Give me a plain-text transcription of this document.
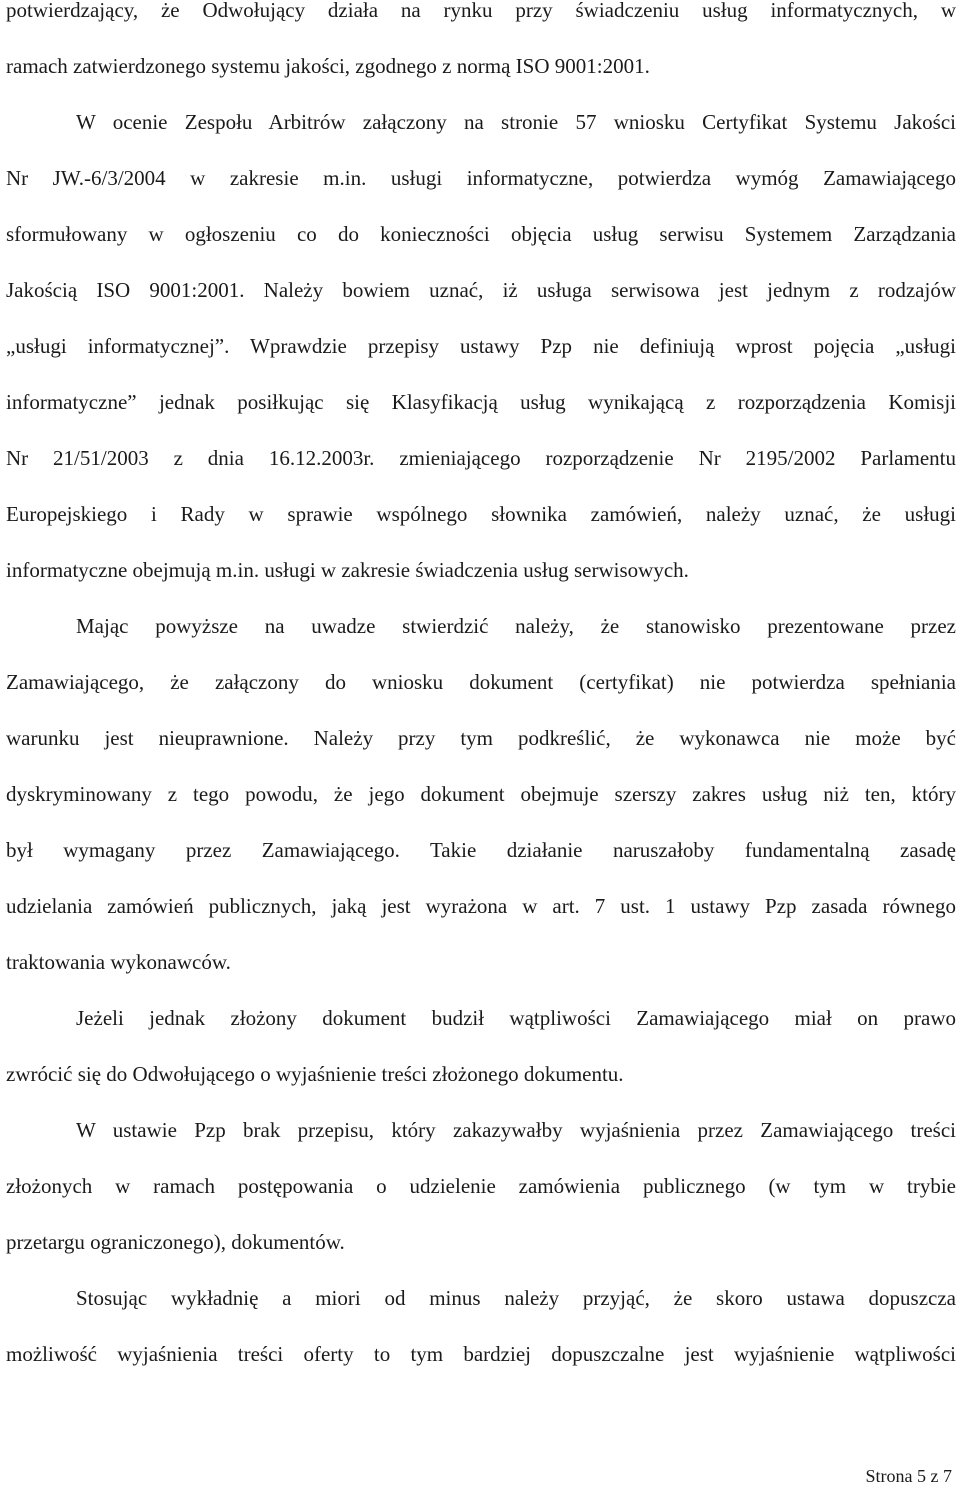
potwierdzający, że Odwołujący działa na rynku przy świadczeniu usług informatycznych, w
ramach zatwierdzonego systemu jakości, zgodnego z normą ISO 9001:2001.
W ocenie Zespołu Arbitrów załączony na stronie 57 wniosku Certyfikat Systemu Jakości
Nr JW.-6/3/2004 w zakresie m.in. usługi informatyczne, potwierdza wymóg Zamawiającego
sformułowany w ogłoszeniu co do konieczności objęcia usług serwisu Systemem Zarządzania
Jakością ISO 9001:2001. Należy bowiem uznać, iż usługa serwisowa jest jednym z rodzajów
„usługi informatycznej”. Wprawdzie przepisy ustawy Pzp nie definiują wprost pojęcia „usługi
informatyczne” jednak posiłkując się Klasyfikacją usług wynikającą z rozporządzenia Komisji
Nr 21/51/2003 z dnia 16.12.2003r. zmieniającego rozporządzenie Nr 2195/2002 Parlamentu
Europejskiego i Rady w sprawie wspólnego słownika zamówień, należy uznać, że usługi
informatyczne obejmują m.in. usługi w zakresie świadczenia usług serwisowych.
Mając powyższe na uwadze stwierdzić należy, że stanowisko prezentowane przez
Zamawiającego, że załączony do wniosku dokument (certyfikat) nie potwierdza spełniania
warunku jest nieuprawnione. Należy przy tym podkreślić, że wykonawca nie może być
dyskryminowany z tego powodu, że jego dokument obejmuje szerszy zakres usług niż ten, który
był wymagany przez Zamawiającego. Takie działanie naruszałoby fundamentalną zasadę
udzielania zamówień publicznych, jaką jest wyrażona w art. 7 ust. 1 ustawy Pzp zasada równego
traktowania wykonawców.
Jeżeli jednak złożony dokument budził wątpliwości Zamawiającego miał on prawo
zwrócić się do Odwołującego o wyjaśnienie treści złożonego dokumentu.
W ustawie Pzp brak przepisu, który zakazywałby wyjaśnienia przez Zamawiającego treści
złożonych w ramach postępowania o udzielenie zamówienia publicznego (w tym w trybie
przetargu ograniczonego), dokumentów.
Stosując wykładnię a miori od minus należy przyjąć, że skoro ustawa dopuszcza
możliwość wyjaśnienia treści oferty to tym bardziej dopuszczalne jest wyjaśnienie wątpliwości
Strona 5 z 7
